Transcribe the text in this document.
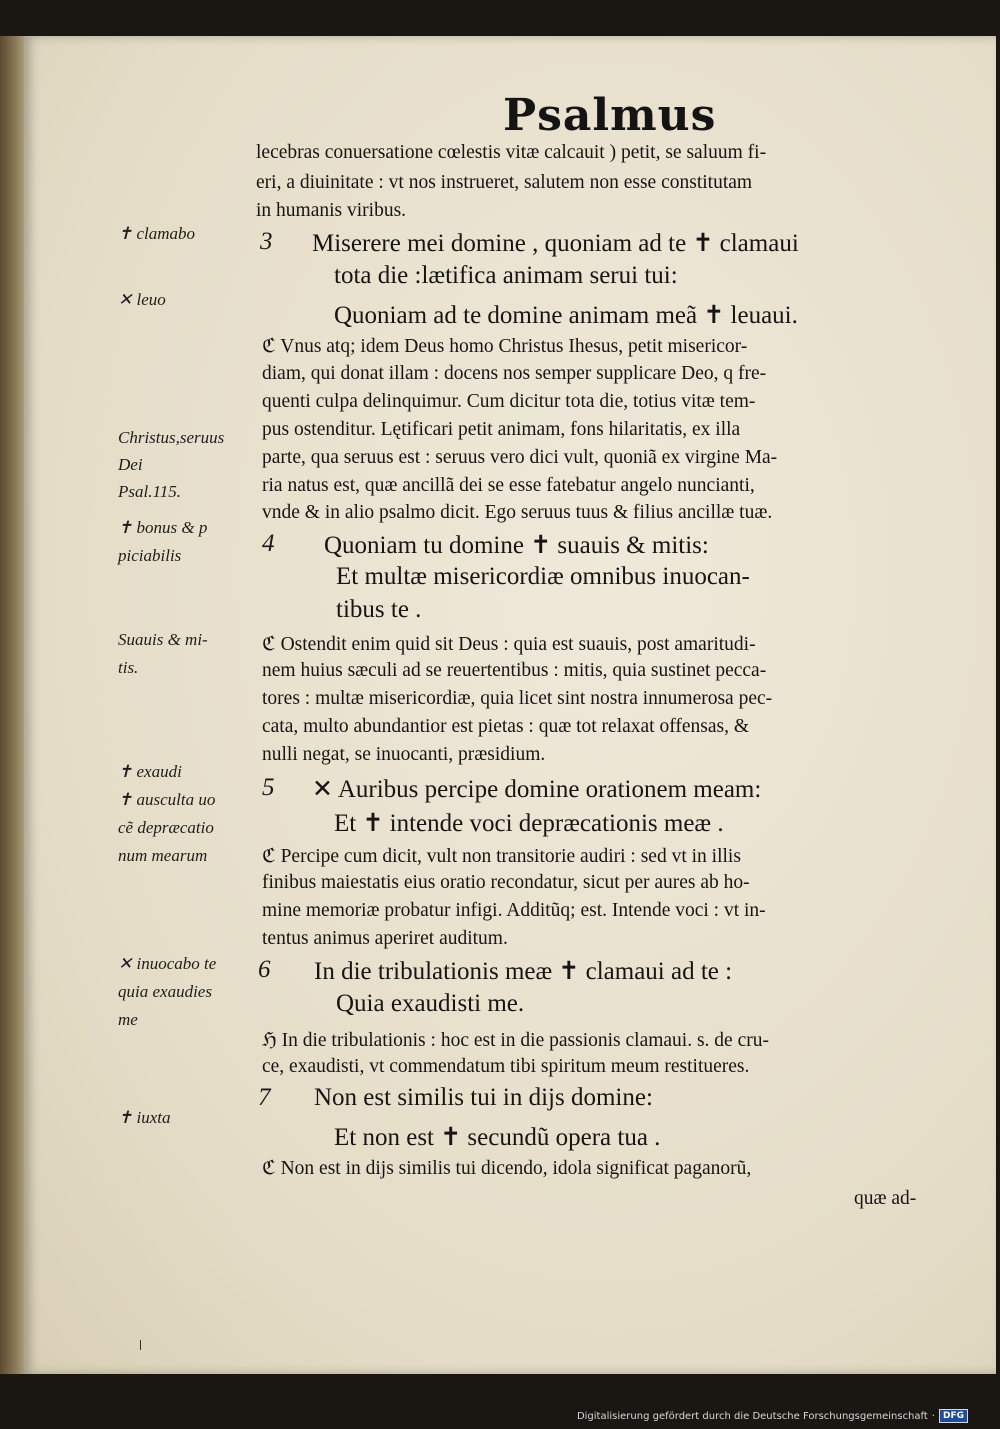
Psalmus
lecebras conuersatione cœlestis vitæ calcauit ) petit, se saluum fi-
eri, a diuinitate : vt nos instrueret, salutem non esse constitutam
in humanis viribus.
Miserere mei domine , quoniam ad te ✝ clamaui
tota die :lætifica animam serui tui:
Quoniam ad te domine animam meã ✝ leuaui.
ℭ Vnus atq; idem Deus homo Christus Ihesus, petit misericor-
diam, qui donat illam : docens nos semper supplicare Deo, q fre-
quenti culpa delinquimur. Cum dicitur tota die, totius vitæ tem-
pus ostenditur. Lętificari petit animam, fons hilaritatis, ex illa
parte, qua seruus est : seruus vero dici vult, quoniã ex virgine Ma-
ria natus est, quæ ancillã dei se esse fatebatur angelo nuncianti,
vnde & in alio psalmo dicit. Ego seruus tuus & filius ancillæ tuæ.
Quoniam tu domine ✝ suauis & mitis:
Et multæ misericordiæ omnibus inuocan-
tibus te .
ℭ Ostendit enim quid sit Deus : quia est suauis, post amaritudi-
nem huius sæculi ad se reuertentibus : mitis, quia sustinet pecca-
tores : multæ misericordiæ, quia licet sint nostra innumerosa pec-
cata, multo abundantior est pietas : quæ tot relaxat offensas, &
nulli negat, se inuocanti, præsidium.
✕ Auribus percipe domine orationem meam:
Et ✝ intende voci depræcationis meæ .
ℭ Percipe cum dicit, vult non transitorie audiri : sed vt in illis
finibus maiestatis eius oratio recondatur, sicut per aures ab ho-
mine memoriæ probatur infigi. Additũq; est. Intende voci : vt in-
tentus animus aperiret auditum.
In die tribulationis meæ ✝ clamaui ad te :
Quia exaudisti me.
ℌ In die tribulationis : hoc est in die passionis clamaui. s. de cru-
ce, exaudisti, vt commendatum tibi spiritum meum restitueres.
Non est similis tui in dijs domine:
Et non est ✝ secundũ opera tua .
ℭ Non est in dijs similis tui dicendo, idola significat paganorũ,
quæ ad-
3
4
5
6
7
✝ clamabo
✕ leuo
Christus,seruus
Dei
Psal.115.
✝ bonus & p
piciabilis
Suauis & mi-
tis.
✝ exaudi
✝ ausculta uo
cẽ depræcatio
num mearum
✕ inuocabo te
quia exaudies
me
✝ iuxta
Digitalisierung gefördert durch die Deutsche Forschungsgemeinschaft · DFG
